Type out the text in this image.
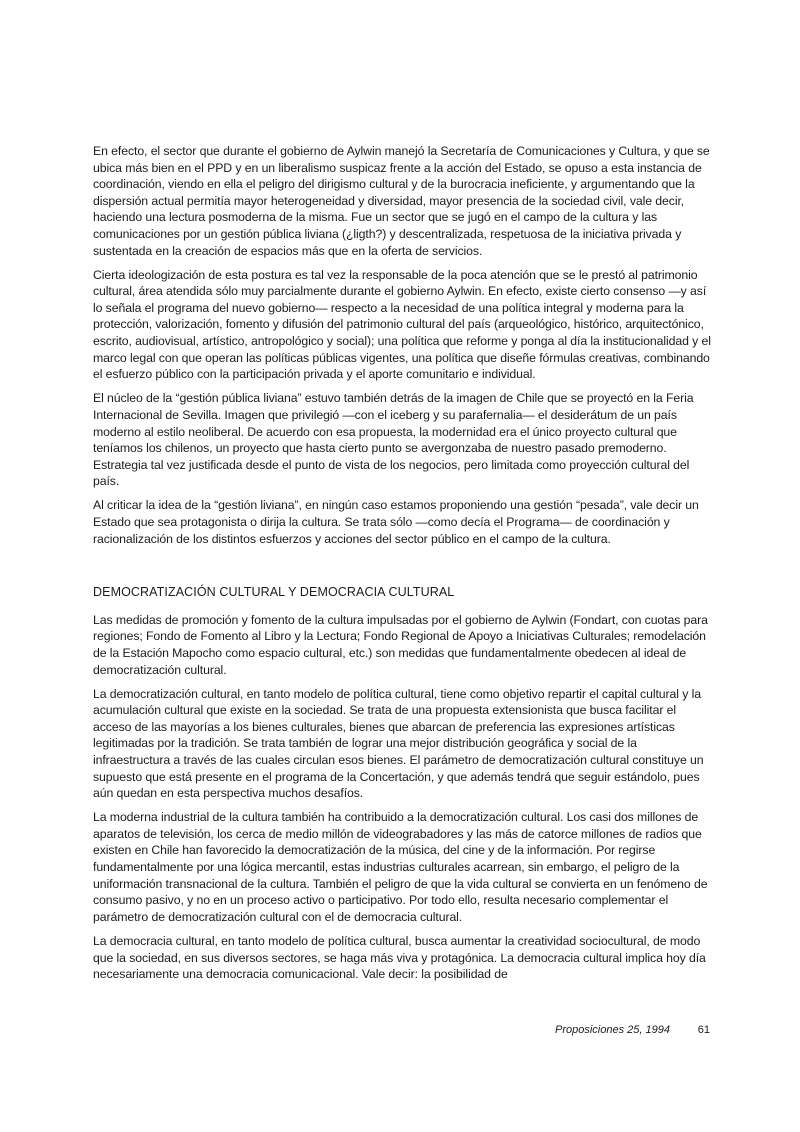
En efecto, el sector que durante el gobierno de Aylwin manejó la Secretaría de Comunicaciones y Cultura, y que se ubica más bien en el PPD y en un liberalismo suspicaz frente a la acción del Estado, se opuso a esta instancia de coordinación, viendo en ella el peligro del dirigismo cultural y de la burocracia ineficiente, y argumentando que la dispersión actual permitía mayor heterogeneidad y diversidad, mayor presencia de la sociedad civil, vale decir, haciendo una lectura posmoderna de la misma. Fue un sector que se jugó en el campo de la cultura y las comunicaciones por un gestión pública liviana (¿ligth?) y descentralizada, respetuosa de la iniciativa privada y sustentada en la creación de espacios más que en la oferta de servicios.

Cierta ideologización de esta postura es tal vez la responsable de la poca atención que se le prestó al patrimonio cultural, área atendida sólo muy parcialmente durante el gobierno Aylwin. En efecto, existe cierto consenso —y así lo señala el programa del nuevo gobierno— respecto a la necesidad de una política integral y moderna para la protección, valorización, fomento y difusión del patrimonio cultural del país (arqueológico, histórico, arquitectónico, escrito, audiovisual, artístico, antropológico y social); una política que reforme y ponga al día la institucionalidad y el marco legal con que operan las políticas públicas vigentes, una política que diseñe fórmulas creativas, combinando el esfuerzo público con la participación privada y el aporte comunitario e individual.

El núcleo de la “gestión pública liviana” estuvo también detrás de la imagen de Chile que se proyectó en la Feria Internacional de Sevilla. Imagen que privilegió —con el iceberg y su parafernalia— el desiderátum de un país moderno al estilo neoliberal. De acuerdo con esa propuesta, la modernidad era el único proyecto cultural que teníamos los chilenos, un proyecto que hasta cierto punto se avergonzaba de nuestro pasado premoderno. Estrategia tal vez justificada desde el punto de vista de los negocios, pero limitada como proyección cultural del país.

Al criticar la idea de la “gestión liviana”, en ningún caso estamos proponiendo una gestión “pesada”, vale decir un Estado que sea protagonista o dirija la cultura. Se trata sólo —como decía el Programa— de coordinación y racionalización de los distintos esfuerzos y acciones del sector público en el campo de la cultura.

DEMOCRATIZACIÓN CULTURAL Y DEMOCRACIA CULTURAL

Las medidas de promoción y fomento de la cultura impulsadas por el gobierno de Aylwin (Fondart, con cuotas para regiones; Fondo de Fomento al Libro y la Lectura; Fondo Regional de Apoyo a Iniciativas Culturales; remodelación de la Estación Mapocho como espacio cultural, etc.) son medidas que fundamentalmente obedecen al ideal de democratización cultural.

La democratización cultural, en tanto modelo de política cultural, tiene como objetivo repartir el capital cultural y la acumulación cultural que existe en la sociedad. Se trata de una propuesta extensionista que busca facilitar el acceso de las mayorías a los bienes culturales, bienes que abarcan de preferencia las expresiones artísticas legitimadas por la tradición. Se trata también de lograr una mejor distribución geográfica y social de la infraestructura a través de las cuales circulan esos bienes. El parámetro de democratización cultural constituye un supuesto que está presente en el programa de la Concertación, y que además tendrá que seguir estándolo, pues aún quedan en esta perspectiva muchos desafíos.

La moderna industrial de la cultura también ha contribuido a la democratización cultural. Los casi dos millones de aparatos de televisión, los cerca de medio millón de videograbadores y las más de catorce millones de radios que existen en Chile han favorecido la democratización de la música, del cine y de la información. Por regirse fundamentalmente por una lógica mercantil, estas industrias culturales acarrean, sin embargo, el peligro de la uniformación transnacional de la cultura. También el peligro de que la vida cultural se convierta en un fenómeno de consumo pasivo, y no en un proceso activo o participativo. Por todo ello, resulta necesario complementar el parámetro de democratización cultural con el de democracia cultural.

La democracia cultural, en tanto modelo de política cultural, busca aumentar la creatividad sociocultural, de modo que la sociedad, en sus diversos sectores, se haga más viva y protagónica. La democracia cultural implica hoy día necesariamente una democracia comunicacional. Vale decir: la posibilidad de

Proposiciones 25, 1994	61
